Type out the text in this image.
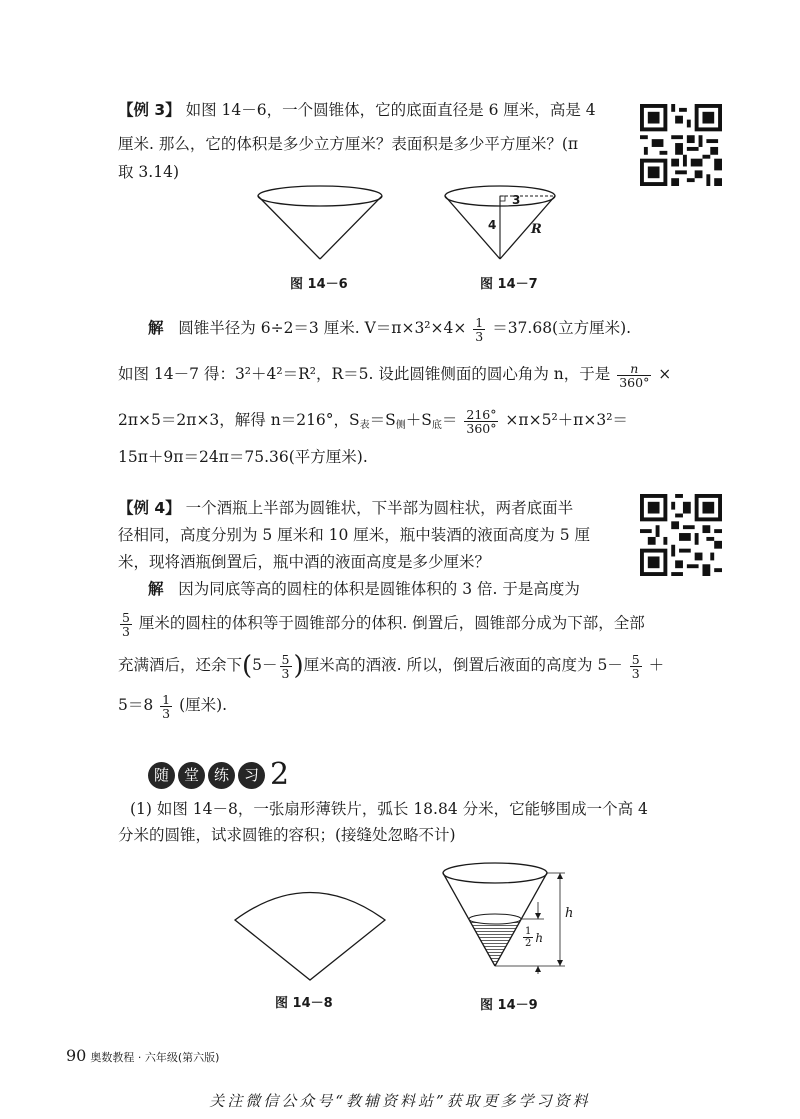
【例 3】 如图 14－6，一个圆锥体，它的底面直径是 6 厘米，高是 4
厘米. 那么，它的体积是多少立方厘米？表面积是多少平方厘米？(π
取 3.14)
图 14－6
3
4	R
图 14－7
解 圆锥半径为 6÷2＝3 厘米. $V=\pi\times 3^2\times 4\times \frac{1}{3} =37.68$(立方厘米).
如图 14－7 得：3²＋4²＝R²，R＝5. 设此圆锥侧面的圆心角为 n，于是 $\frac{n}{360^\circ}$ ×
2π×5＝2π×3，解得 n＝216°，$S_表=S_侧+S_底= \frac{216^\circ}{360^\circ} \times\pi\times 5^2+\pi\times 3^2=$
15π＋9π＝24π＝75.36(平方厘米).
【例 4】 一个酒瓶上半部为圆锥状，下半部为圆柱状，两者底面半
径相同，高度分别为 5 厘米和 10 厘米，瓶中装酒的液面高度为 5 厘
米，现将酒瓶倒置后，瓶中酒的液面高度是多少厘米？
解 因为同底等高的圆柱的体积是圆锥体积的 3 倍. 于是高度为
$\frac{5}{3}$ 厘米的圆柱的体积等于圆锥部分的体积. 倒置后，圆锥部分成为下部，全部
充满酒后，还余下($5- \frac{5}{3}$ )厘米高的酒液. 所以，倒置后液面的高度为 $5- \frac{5}{3}$ ＋
$5=8 \frac{1}{3}$ (厘米).
随 堂 练 习 2
(1) 如图 14－8，一张扇形薄铁片，弧长 18.84 分米，它能够围成一个高 4
分米的圆锥，试求圆锥的容积；(接缝处忽略不计)
图 14－8
h
$\frac{1}{2}$ h
图 14－9
90 奥数教程 · 六年级(第六版)
关注微信公众号“教辅资料站”获取更多学习资料
